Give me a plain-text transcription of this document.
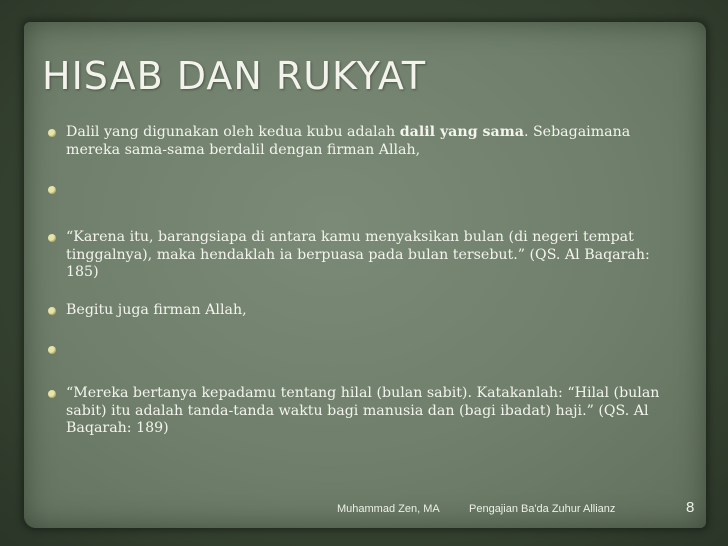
HISAB DAN RUKYAT
Dalil yang digunakan oleh kedua kubu adalah dalil yang sama. Sebagaimana mereka sama-sama berdalil dengan firman Allah,
“Karena itu, barangsiapa di antara kamu menyaksikan bulan (di negeri tempat tinggalnya), maka hendaklah ia berpuasa pada bulan tersebut.” (QS. Al Baqarah: 185)
Begitu juga firman Allah,
“Mereka bertanya kepadamu tentang hilal (bulan sabit). Katakanlah: “Hilal (bulan sabit) itu adalah tanda-tanda waktu bagi manusia dan (bagi ibadat) haji.” (QS. Al Baqarah: 189)
Muhammad Zen, MA	Pengajian Ba'da Zuhur Allianz	8
